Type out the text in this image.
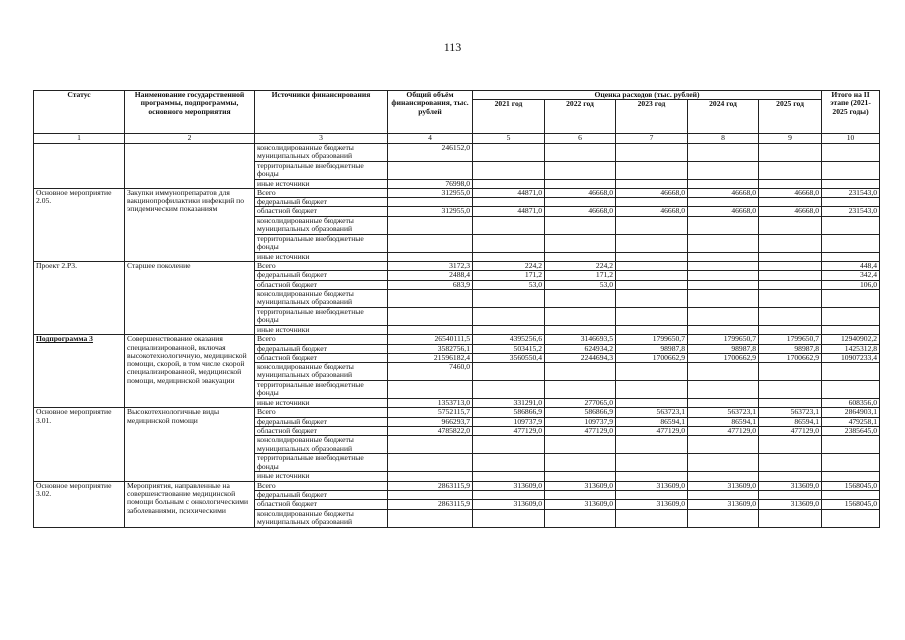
113
Статус	Наименование государственной программы, подпрограммы, основного мероприятия	Источники финансирования	Общий объём финансирования, тыс. рублей	Оценка расходов (тыс. рублей)					Итого на II этапе (2021-2025 годы)
				2021 год	2022 год	2023 год	2024 год	2025 год	
1	2	3	4	5	6	7	8	9	10
		консолидированные бюджеты муниципальных образований	246152,0						
		территориальные внебюджетные фонды							
		иные источники	76998,0						
Основное мероприятие 2.05.	Закупки иммунопрепаратов для вакцинопрофилактики инфекций по эпидемическим показаниям	Всего	312955,0	44871,0	46668,0	46668,0	46668,0	46668,0	231543,0
		федеральный бюджет							
		областной бюджет	312955,0	44871,0	46668,0	46668,0	46668,0	46668,0	231543,0
		консолидированные бюджеты муниципальных образований							
		территориальные внебюджетные фонды							
		иные источники							
Проект 2.Р3.	Старшее поколение	Всего	3172,3	224,2	224,2				448,4
		федеральный бюджет	2488,4	171,2	171,2				342,4
		областной бюджет	683,9	53,0	53,0				106,0
		консолидированные бюджеты муниципальных образований							
		территориальные внебюджетные фонды							
		иные источники							
Подпрограмма 3	Совершенствование оказания специализированной, включая высокотехнологичную, медицинской помощи, скорой, в том числе скорой специализированной, медицинской помощи, медицинской эвакуации	Всего	26540111,5	4395256,6	3146693,5	1799650,7	1799650,7	1799650,7	12940902,2
		федеральный бюджет	3582756,1	503415,2	624934,2	98987,8	98987,8	98987,8	1425312,8
		областной бюджет	21596182,4	3560550,4	2244694,3	1700662,9	1700662,9	1700662,9	10907233,4
		консолидированные бюджеты муниципальных образований	7460,0						
		территориальные внебюджетные фонды							
		иные источники	1353713,0	331291,0	277065,0				608356,0
Основное мероприятие 3.01.	Высокотехнологичные виды медицинской помощи	Всего	5752115,7	586866,9	586866,9	563723,1	563723,1	563723,1	2864903,1
		федеральный бюджет	966293,7	109737,9	109737,9	86594,1	86594,1	86594,1	479258,1
		областной бюджет	4785822,0	477129,0	477129,0	477129,0	477129,0	477129,0	2385645,0
		консолидированные бюджеты муниципальных образований							
		территориальные внебюджетные фонды							
		иные источники							
Основное мероприятие 3.02.	Мероприятия, направленные на совершенствование медицинской помощи больным с онкологическими заболеваниями, психическими	Всего	2863115,9	313609,0	313609,0	313609,0	313609,0	313609,0	1568045,0
		федеральный бюджет							
		областной бюджет	2863115,9	313609,0	313609,0	313609,0	313609,0	313609,0	1568045,0
		консолидированные бюджеты муниципальных образований							
